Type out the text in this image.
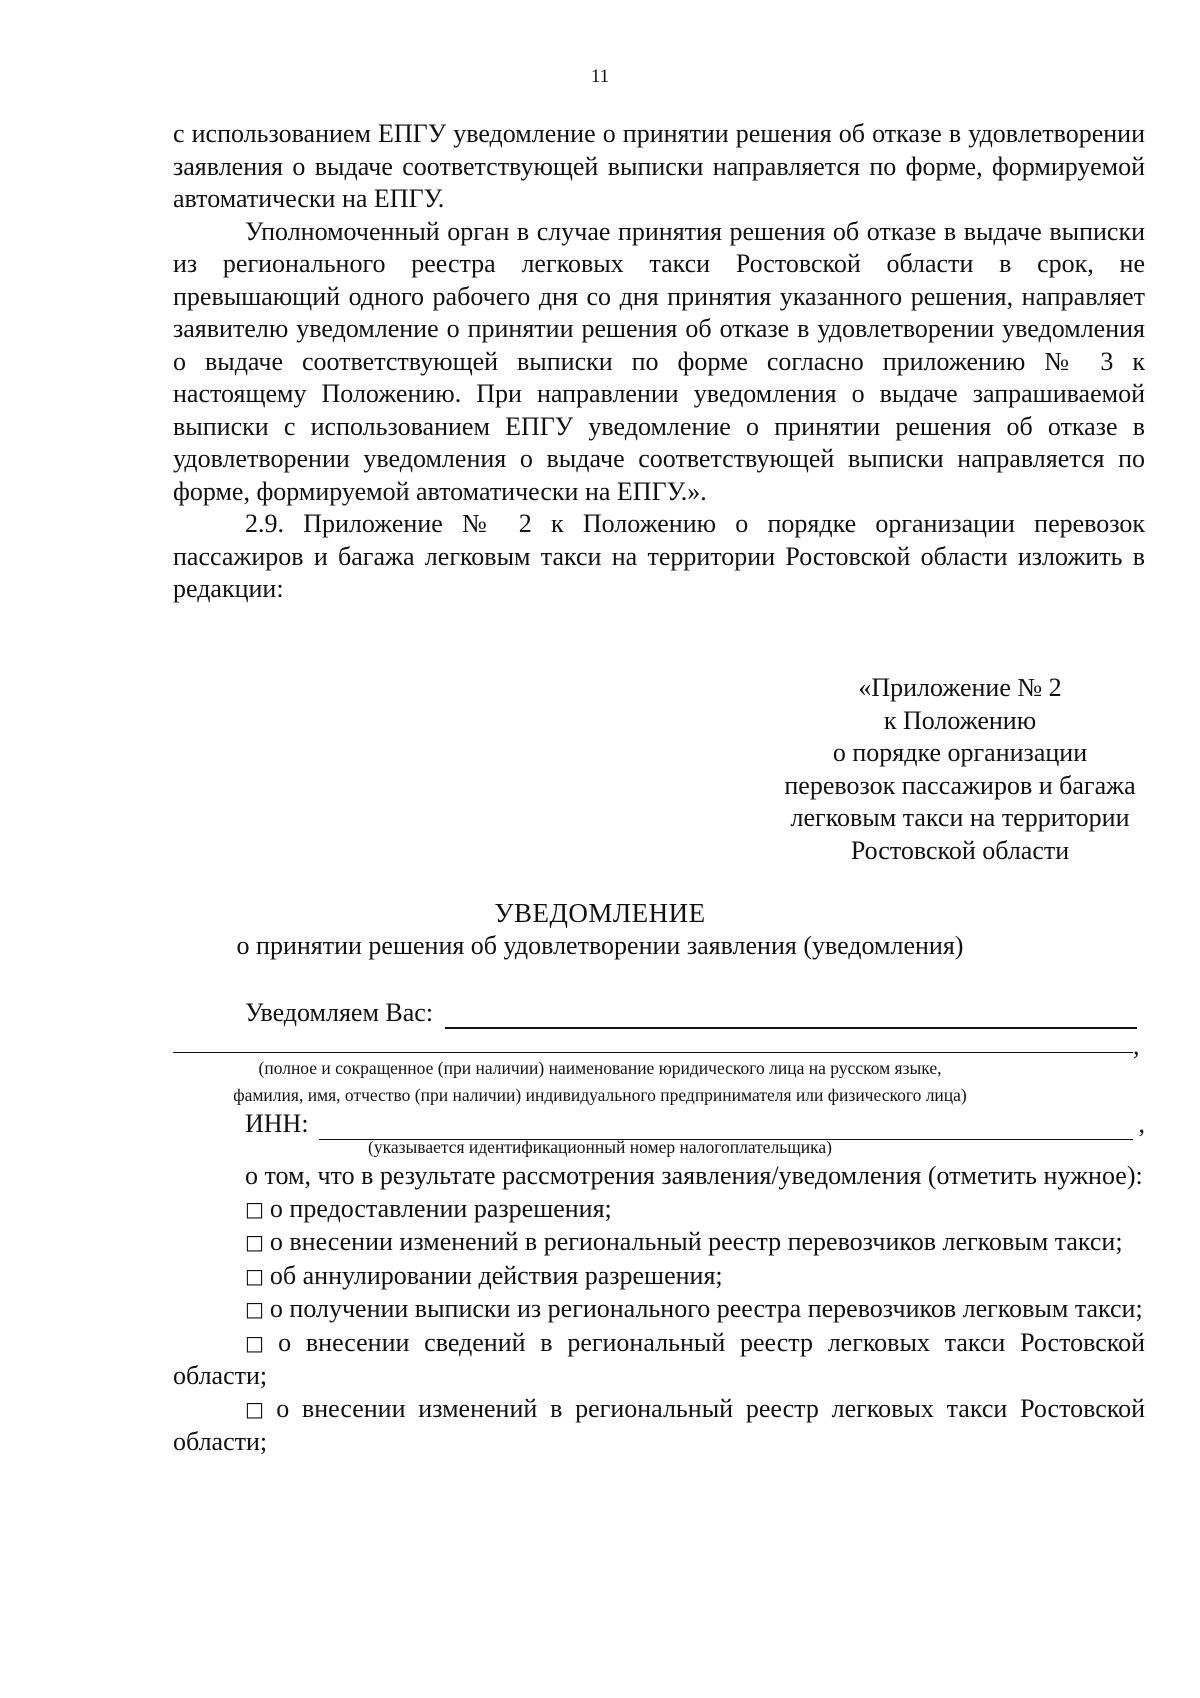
11

с использованием ЕПГУ уведомление о принятии решения об отказе в удовлетворении заявления о выдаче соответствующей выписки направляется по форме, формируемой автоматически на ЕПГУ.

Уполномоченный орган в случае принятия решения об отказе в выдаче выписки из регионального реестра легковых такси Ростовской области в срок, не превышающий одного рабочего дня со дня принятия указанного решения, направляет заявителю уведомление о принятии решения об отказе в удовлетворении уведомления о выдаче соответствующей выписки по форме согласно приложению № 3 к настоящему Положению. При направлении уведомления о выдаче запрашиваемой выписки с использованием ЕПГУ уведомление о принятии решения об отказе в удовлетворении уведомления о выдаче соответствующей выписки направляется по форме, формируемой автоматически на ЕПГУ.».

2.9. Приложение № 2 к Положению о порядке организации перевозок пассажиров и багажа легковым такси на территории Ростовской области изложить в редакции:

«Приложение № 2
к Положению
о порядке организации
перевозок пассажиров и багажа
легковым такси на территории
Ростовской области
УВЕДОМЛЕНИЕ
о принятии решения об удовлетворении заявления (уведомления)
Уведомляем Вас:
,
(полное и сокращенное (при наличии) наименование юридического лица на русском языке,
фамилия, имя, отчество (при наличии) индивидуального предпринимателя или физического лица)
ИНН:	,
(указывается идентификационный номер налогоплательщика)

о том, что в результате рассмотрения заявления/уведомления (отметить нужное):

□ о предоставлении разрешения;

□ о внесении изменений в региональный реестр перевозчиков легковым такси;

□ об аннулировании действия разрешения;

□ о получении выписки из регионального реестра перевозчиков легковым такси;

□ о внесении сведений в региональный реестр легковых такси Ростовской области;

□ о внесении изменений в региональный реестр легковых такси Ростовской области;
